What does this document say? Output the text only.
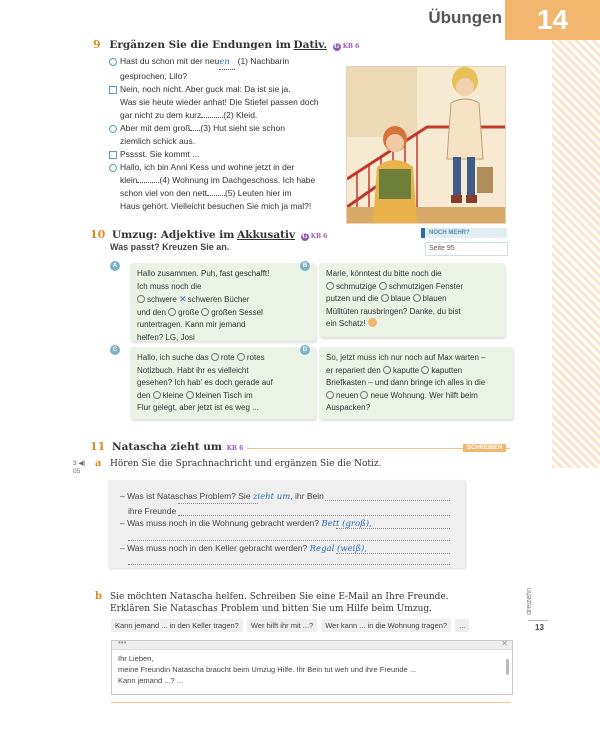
Übungen	14
9 Ergänzen Sie die Endungen im Dativ. G KB 6
Hast du schon mit der neuen (1) Nachbarin
gesprochen, Lilo?
Nein, noch nicht. Aber guck mal: Da ist sie ja.
Was sie heute wieder anhat! Die Stiefel passen doch
gar nicht zu dem kurz	(2) Kleid.
Aber mit dem groß (3) Hut sieht sie schon
ziemlich schick aus.
Psssst. Sie kommt ...
Hallo, ich bin Anni Kess und wohne jetzt in der
klein	(4) Wohnung im Dachgeschoss. Ich habe
schon viel von den nett (5) Leuten hier im
Haus gehört. Vielleicht besuchen Sie mich ja mal?!
10 Umzug: Adjektive im Akkusativ G KB 6
Was passt? Kreuzen Sie an.
NOCH MEHR?
Seite 95
A
Hallo zusammen. Puh, fast geschafft!
Ich muss noch die
schwere ✕schweren Bücher
und den große großen Sessel
runtertragen. Kann mir jemand
helfen? LG, Josi
B
Marie, könntest du bitte noch die
schmutzige schmutzigen Fenster
putzen und die blaue blauen
Mülltüten rausbringen? Danke, du bist
ein Schatz!
C
Hallo, ich suche das rote rotes
Notizbuch. Habt ihr es vielleicht
gesehen? Ich hab' es doch gerade auf
den kleine kleinen Tisch im
Flur gelegt, aber jetzt ist es weg ...
D
So, jetzt muss ich nur noch auf Max warten –
er repariert den kaputte kaputten
Briefkasten – und dann bringe ich alles in die
neuen neue Wohnung. Wer hilft beim
Auspacken?
11 Natascha zieht um KB 6	SCHREIBEN
3 ◀)
05
a Hören Sie die Sprachnachricht und ergänzen Sie die Notiz.
– Was ist Nataschas Problem? Sie zieht um, ihr Bein
ihre Freunde
– Was muss noch in die Wohnung gebracht werden? Bett (groß),
– Was muss noch in den Keller gebracht werden? Regal (weiß),
b Sie möchten Natascha helfen. Schreiben Sie eine E-Mail an Ihre Freunde.
Erklären Sie Nataschas Problem und bitten Sie um Hilfe beim Umzug.
Kann jemand ... in den Keller tragen? Wer hilft ihr mit ...? Wer kann ... in die Wohnung tragen? ...
•••	✕
Ihr Lieben,
meine Freundin Natascha braucht beim Umzug Hilfe. Ihr Bein tut weh und ihre Freunde ...
Kann jemand ...? ...
dreizehn
13
